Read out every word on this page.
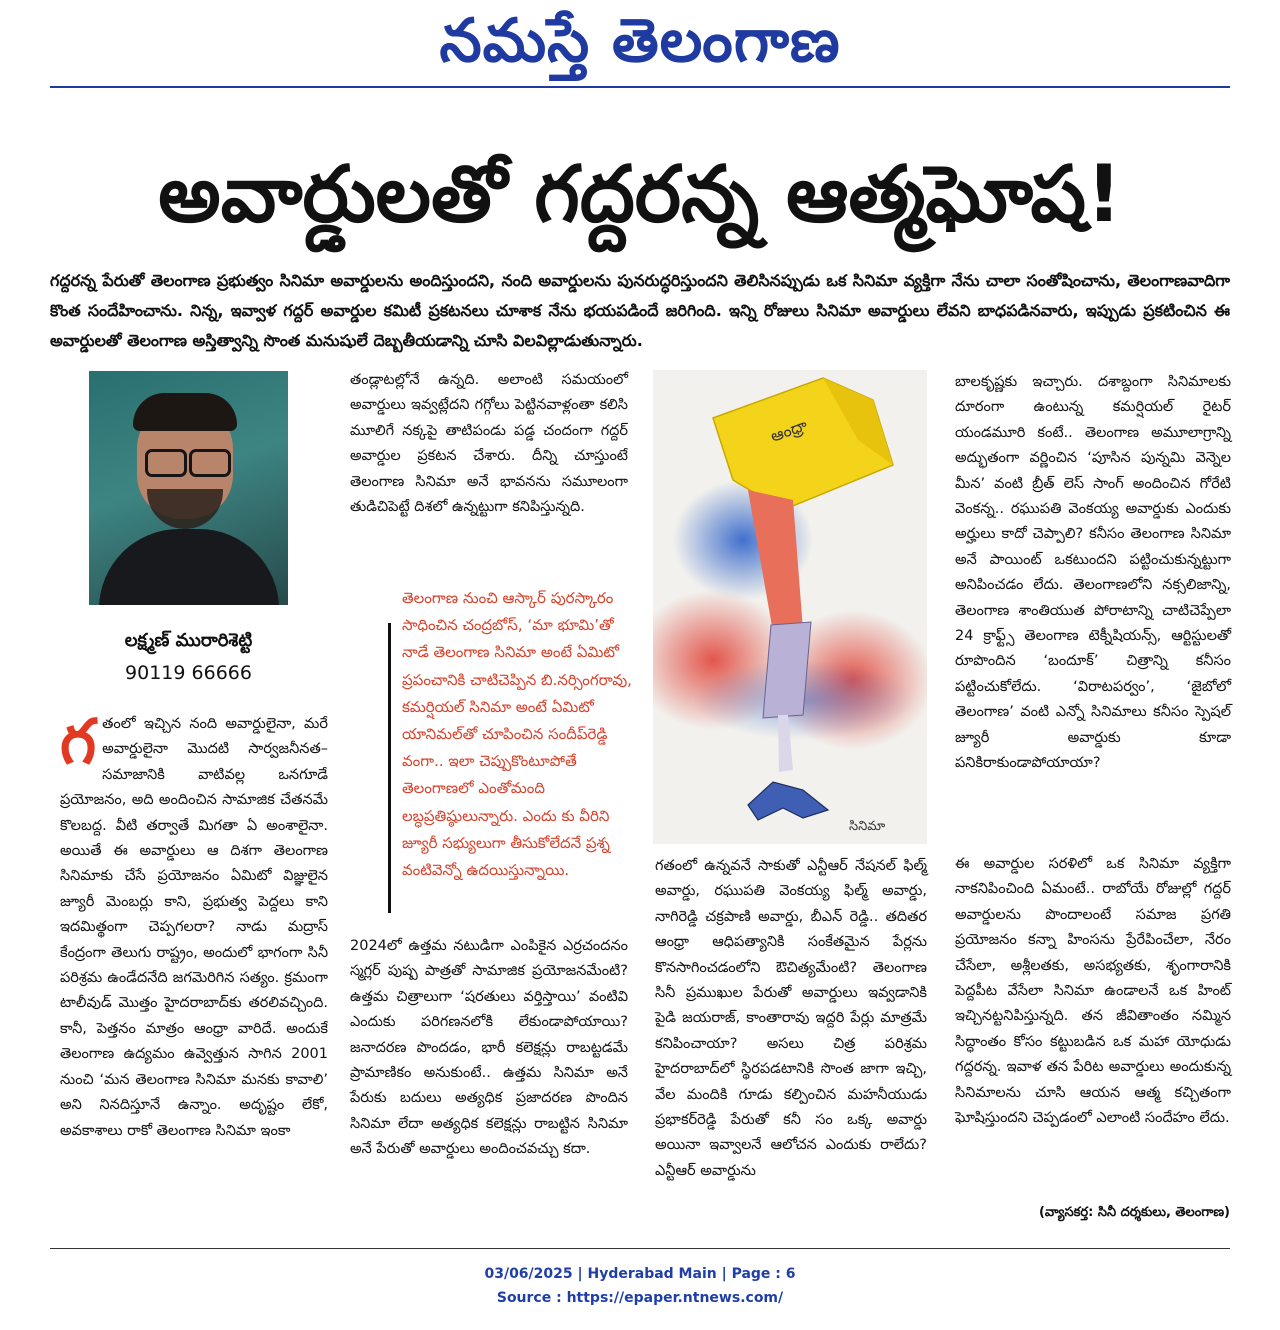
నమస్తే తెలంగాణ
అవార్డులతో గద్దరన్న ఆత్మఘోష!
గద్దరన్న పేరుతో తెలంగాణ ప్రభుత్వం సినిమా అవార్డులను అందిస్తుందని, నంది అవార్డులను పునరుద్ధరిస్తుందని తెలిసినప్పుడు ఒక సినిమా వ్యక్తిగా నేను చాలా సంతోషించాను, తెలంగాణవాదిగా కొంత సందేహించాను. నిన్న, ఇవ్వాళ గద్దర్ అవార్డుల కమిటీ ప్రకటనలు చూశాక నేను భయపడిందే జరిగింది. ఇన్ని రోజులు సినిమా అవార్డులు లేవని బాధపడినవారు, ఇప్పుడు ప్రకటించిన ఈ అవార్డులతో తెలంగాణ అస్తిత్వాన్ని సొంత మనుషులే దెబ్బతీయడాన్ని చూసి విలవిల్లాడుతున్నారు.
లక్ష్మణ్ మురారిశెట్టి
90119 66666
గ తంలో ఇచ్చిన నంది అవార్డులైనా, మరే అవార్డులైనా మొదటి సార్వజనీనత– సమాజానికి వాటివల్ల ఒనగూడే ప్రయోజనం, అది అందించిన సామాజిక చేతనమే కొలబద్ద. వీటి తర్వాతే మిగతా ఏ అంశాలైనా. అయితే ఈ అవార్డులు ఆ దిశగా తెలంగాణ సినిమాకు చేసే ప్రయోజనం ఏమిటో విజ్ఞులైన జ్యూరీ మెంబర్లు కాని, ప్రభుత్వ పెద్దలు కాని ఇదమిత్థంగా చెప్పగలరా? నాడు మద్రాస్ కేంద్రంగా తెలుగు రాష్ట్రం, అందులో భాగంగా సినీ పరిశ్రమ ఉండేదనేది జగమెరిగిన సత్యం. క్రమంగా టాలీవుడ్ మొత్తం హైదరాబాద్‌కు తరలివచ్చింది. కానీ, పెత్తనం మాత్రం ఆంధ్రా వారిదే. అందుకే తెలంగాణ ఉద్యమం ఉవ్వెత్తున సాగిన 2001 నుంచి ‘మన తెలంగాణ సినిమా మనకు కావాలి’ అని నినదిస్తూనే ఉన్నాం. అదృష్టం లేకో, అవకాశాలు రాకో తెలంగాణ సినిమా ఇంకా

తండ్లాటల్లోనే ఉన్నది. అలాంటి సమయంలో అవార్డులు ఇవ్వట్లేదని గగ్గోలు పెట్టినవాళ్లంతా కలిసి మూలిగే నక్కపై తాటిపండు పడ్డ చందంగా గద్దర్ అవార్డుల ప్రకటన చేశారు. దీన్ని చూస్తుంటే తెలంగాణ సినిమా అనే భావనను సమూలంగా తుడిచిపెట్టే దిశలో ఉన్నట్టుగా కనిపిస్తున్నది.
తెలంగాణ నుంచి ఆస్కార్ పురస్కారం సాధించిన చంద్రబోస్, ‘మా భూమి’తో నాడే తెలంగాణ సినిమా అంటే ఏమిటో ప్రపంచానికి చాటిచెప్పిన బి.నర్సింగరావు, కమర్షియల్ సినిమా అంటే ఏమిటో యానిమల్‌తో చూపించిన సందీప్‌రెడ్డి వంగా.. ఇలా చెప్పుకొంటూపోతే తెలంగాణలో ఎంతోమంది లబ్ధప్రతిష్ఠులున్నారు. ఎందు కు వీరిని జ్యూరీ సభ్యులుగా తీసుకోలేదనే ప్రశ్న వంటివెన్నో ఉదయిస్తున్నాయి.
2024లో ఉత్తమ నటుడిగా ఎంపికైన ఎర్రచందనం స్మగ్లర్ పుష్ప పాత్రతో సామాజిక ప్రయోజనమేంటి? ఉత్తమ చిత్రాలుగా ‘షరతులు వర్తిస్తాయి’ వంటివి ఎందుకు పరిగణనలోకి లేకుండాపోయాయి? జనాదరణ పొందడం, భారీ కలెక్షన్లు రాబట్టడమే ప్రామాణికం అనుకుంటే.. ఉత్తమ సినిమా అనే పేరుకు బదులు అత్యధిక ప్రజాదరణ పొందిన సినిమా లేదా అత్యధిక కలెక్షన్లు రాబట్టిన సినిమా అనే పేరుతో అవార్డులు అందించవచ్చు కదా.
ఆంధ్రా
సినిమా
గతంలో ఉన్నవనే సాకుతో ఎన్టీఆర్ నేషనల్ ఫిల్మ్ అవార్డు, రఘుపతి వెంకయ్య ఫిల్మ్ అవార్డు, నాగిరెడ్డి చక్రపాణి అవార్డు, బీఎన్ రెడ్డి.. తదితర ఆంధ్రా ఆధిపత్యానికి సంకేతమైన పేర్లను కొనసాగించడంలోని ఔచిత్యమేంటి? తెలంగాణ సినీ ప్రముఖుల పేరుతో అవార్డులు ఇవ్వడానికి పైడి జయరాజ్, కాంతారావు ఇద్దరి పేర్లు మాత్రమే కనిపించాయా? అసలు చిత్ర పరిశ్రమ హైదరాబాద్‌లో స్థిరపడటానికి సొంత జాగా ఇచ్చి, వేల మందికి గూడు కల్పించిన మహనీయుడు ప్రభాకర్‌రెడ్డి పేరుతో కనీ సం ఒక్క అవార్డు అయినా ఇవ్వాలనే ఆలోచన ఎందుకు రాలేదు? ఎన్టీఆర్ అవార్డును
బాలకృష్ణకు ఇచ్చారు. దశాబ్దంగా సినిమాలకు దూరంగా ఉంటున్న కమర్షియల్ రైటర్ యండమూరి కంటే.. తెలంగాణ అమూలాగ్రాన్ని అద్భుతంగా వర్ణించిన ‘పూసిన పున్నమి వెన్నెల మీన’ వంటి బ్రీత్ లెస్ సాంగ్ అందించిన గోరేటి వెంకన్న.. రఘుపతి వెంకయ్య అవార్డుకు ఎందుకు అర్హులు కాదో చెప్పాలి? కనీసం తెలంగాణ సినిమా అనే పాయింట్ ఒకటుందని పట్టించుకున్నట్టుగా అనిపించడం లేదు. తెలంగాణలోని నక్సలిజాన్ని, తెలంగాణ శాంతియుత పోరాటాన్ని చాటిచెప్పేలా 24 క్రాఫ్ట్స్ తెలంగాణ టెక్నీషియన్స్, ఆర్టిస్టులతో రూపొందిన ‘బందూక్’ చిత్రాన్ని కనీసం పట్టించుకోలేదు. ‘విరాటపర్వం’, ‘జైబోలో తెలంగాణ’ వంటి ఎన్నో సినిమాలు కనీసం స్పెషల్ జ్యూరీ అవార్డుకు కూడా పనికిరాకుండాపోయాయా?
ఈ అవార్డుల సరళిలో ఒక సినిమా వ్యక్తిగా నాకనిపించింది ఏమంటే.. రాబోయే రోజుల్లో గద్దర్ అవార్డులను పొందాలంటే సమాజ ప్రగతి ప్రయోజనం కన్నా హింసను ప్రేరేపించేలా, నేరం చేసేలా, అశ్లీలతకు, అసభ్యతకు, శృంగారానికి పెద్దపీట వేసేలా సినిమా ఉండాలనే ఒక హింట్ ఇచ్చినట్టనిపిస్తున్నది. తన జీవితాంతం నమ్మిన సిద్ధాంతం కోసం కట్టుబడిన ఒక మహా యోధుడు గద్దరన్న. ఇవాళ తన పేరిట అవార్డులు అందుకున్న సినిమాలను చూసి ఆయన ఆత్మ కచ్చితంగా ఘోషిస్తుందని చెప్పడంలో ఎలాంటి సందేహం లేదు.
(వ్యాసకర్త: సినీ దర్శకులు, తెలంగాణ)
03/06/2025 | Hyderabad Main | Page : 6
Source : https://epaper.ntnews.com/
